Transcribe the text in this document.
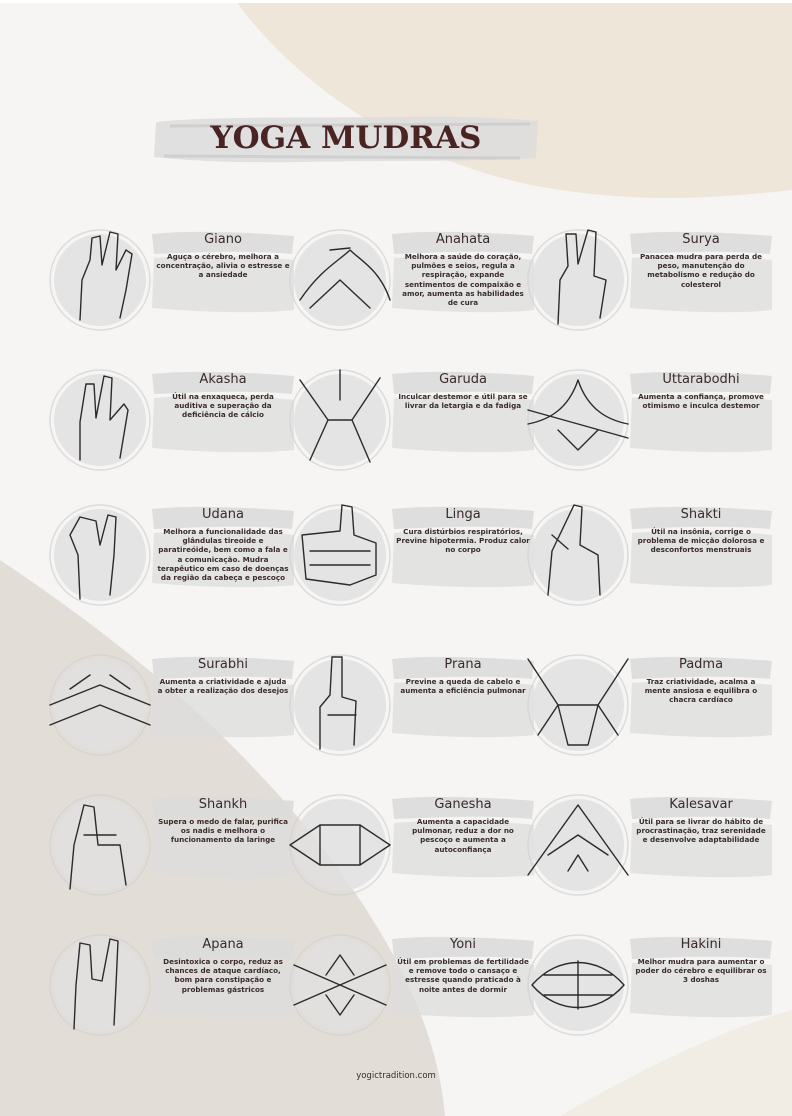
YOGA MUDRAS
Giano
Aguça o cérebro, melhora a concentração, alivia o estresse e a ansiedade
Anahata
Melhora a saúde do coração, pulmões e seios, regula a respiração, expande sentimentos de compaixão e amor, aumenta as habilidades de cura
Surya
Panacea mudra para perda de peso, manutenção do metabolismo e redução do colesterol
Akasha
Útil na enxaqueca, perda auditiva e superação da deficiência de cálcio
Garuda
Inculcar destemor e útil para se livrar da letargia e da fadiga
Uttarabodhi
Aumenta a confiança, promove otimismo e inculca destemor
Udana
Melhora a funcionalidade das glândulas tireoide e paratireóide, bem como a fala e a comunicação. Mudra terapêutico em caso de doenças da região da cabeça e pescoço
Linga
Cura distúrbios respiratórios, Previne hipotermia. Produz calor no corpo
Shakti
Útil na insônia, corrige o problema de micção dolorosa e desconfortos menstruais
Surabhi
Aumenta a criatividade e ajuda a obter a realização dos desejos
Prana
Previne a queda de cabelo e aumenta a eficiência pulmonar
Padma
Traz criatividade, acalma a mente ansiosa e equilibra o chacra cardíaco
Shankh
Supera o medo de falar, purifica os nadis e melhora o funcionamento da laringe
Ganesha
Aumenta a capacidade pulmonar, reduz a dor no pescoço e aumenta a autoconfiança
Kalesavar
Útil para se livrar do hábito de procrastinação, traz serenidade e desenvolve adaptabilidade
Apana
Desintoxica o corpo, reduz as chances de ataque cardíaco, bom para constipação e problemas gástricos
Yoni
Útil em problemas de fertilidade e remove todo o cansaço e estresse quando praticado à noite antes de dormir
Hakini
Melhor mudra para aumentar o poder do cérebro e equilibrar os 3 doshas
yogictradition.com
